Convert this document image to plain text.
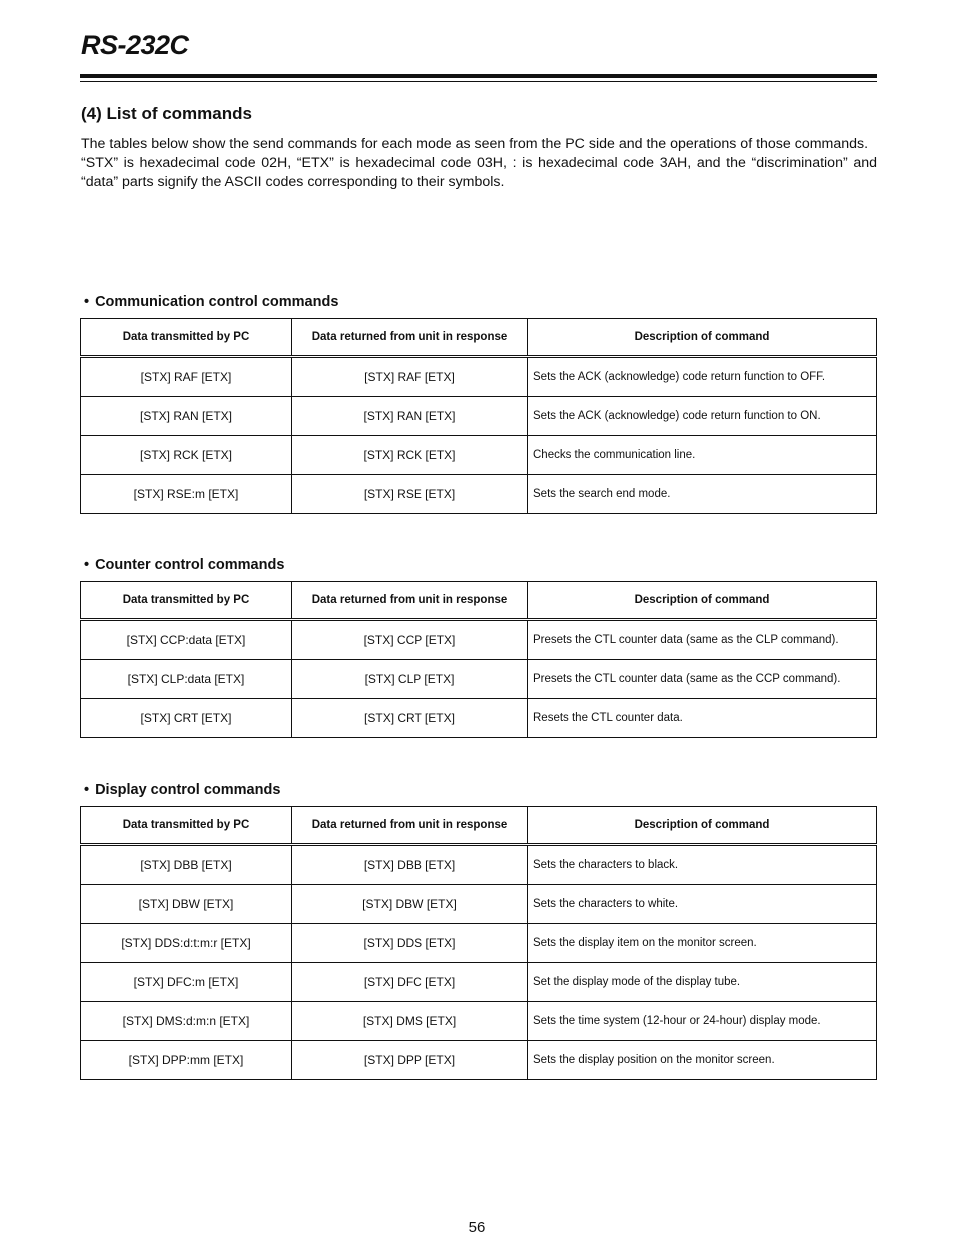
RS-232C
(4) List of commands

The tables below show the send commands for each mode as seen from the PC side and the operations of those commands.

“STX” is hexadecimal code 02H, “ETX” is hexadecimal code 03H, : is hexadecimal code 3AH, and the “discrimination” and “data” parts signify the ASCII codes corresponding to their symbols.

• Communication control commands
Data transmitted by PC	Data returned from unit in response	Description of command
[STX] RAF [ETX]	[STX] RAF [ETX]	Sets the ACK (acknowledge) code return function to OFF.
[STX] RAN [ETX]	[STX] RAN [ETX]	Sets the ACK (acknowledge) code return function to ON.
[STX] RCK [ETX]	[STX] RCK [ETX]	Checks the communication line.
[STX] RSE:m [ETX]	[STX] RSE [ETX]	Sets the search end mode.
• Counter control commands
Data transmitted by PC	Data returned from unit in response	Description of command
[STX] CCP:data [ETX]	[STX] CCP [ETX]	Presets the CTL counter data (same as the CLP command).
[STX] CLP:data [ETX]	[STX] CLP [ETX]	Presets the CTL counter data (same as the CCP command).
[STX] CRT [ETX]	[STX] CRT [ETX]	Resets the CTL counter data.
• Display control commands
Data transmitted by PC	Data returned from unit in response	Description of command
[STX] DBB [ETX]	[STX] DBB [ETX]	Sets the characters to black.
[STX] DBW [ETX]	[STX] DBW [ETX]	Sets the characters to white.
[STX] DDS:d:t:m:r [ETX]	[STX] DDS [ETX]	Sets the display item on the monitor screen.
[STX] DFC:m [ETX]	[STX] DFC [ETX]	Set the display mode of the display tube.
[STX] DMS:d:m:n [ETX]	[STX] DMS [ETX]	Sets the time system (12-hour or 24-hour) display mode.
[STX] DPP:mm [ETX]	[STX] DPP [ETX]	Sets the display position on the monitor screen.
56
